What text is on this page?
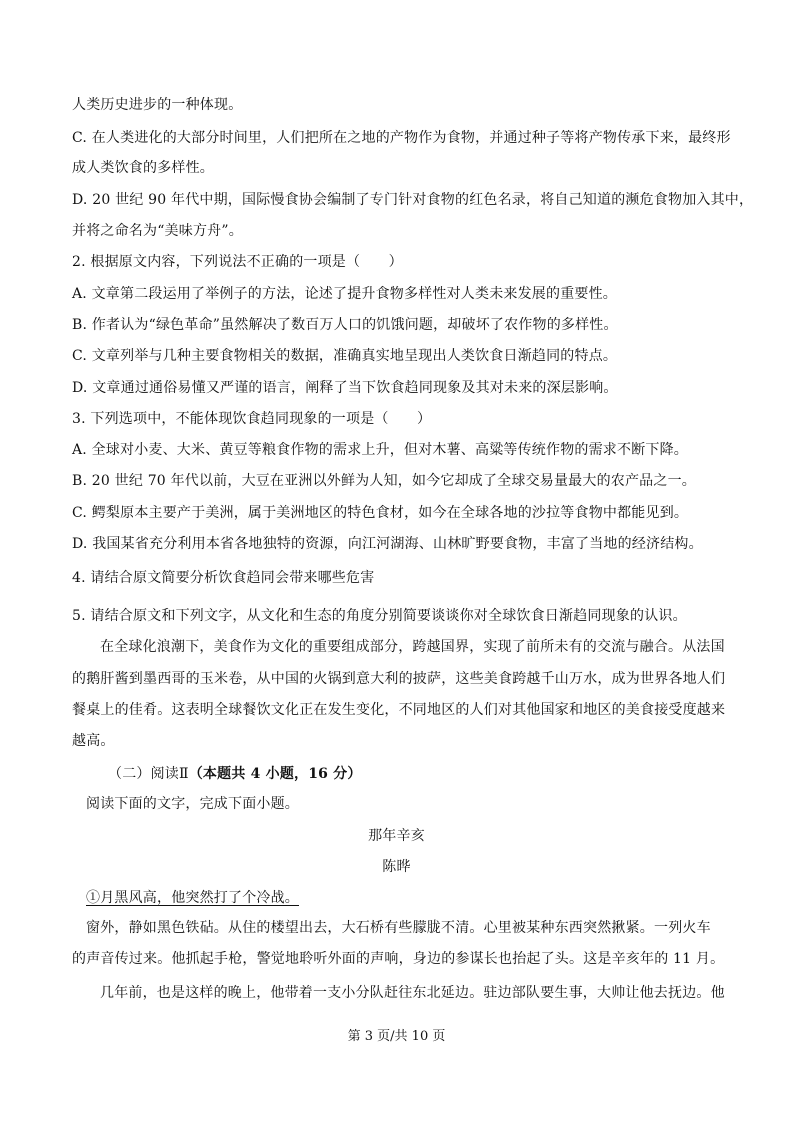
人类历史进步的一种体现。
C. 在人类进化的大部分时间里，人们把所在之地的产物作为食物，并通过种子等将产物传承下来，最终形
成人类饮食的多样性。
D. 20 世纪 90 年代中期，国际慢食协会编制了专门针对食物的红色名录，将自己知道的濒危食物加入其中，
并将之命名为“美味方舟”。
2. 根据原文内容，下列说法不正确的一项是（　　）
A. 文章第二段运用了举例子的方法，论述了提升食物多样性对人类未来发展的重要性。
B. 作者认为“绿色革命”虽然解决了数百万人口的饥饿问题，却破坏了农作物的多样性。
C. 文章列举与几种主要食物相关的数据，准确真实地呈现出人类饮食日渐趋同的特点。
D. 文章通过通俗易懂又严谨的语言，阐释了当下饮食趋同现象及其对未来的深层影响。
3. 下列选项中，不能体现饮食趋同现象的一项是（　　）
A. 全球对小麦、大米、黄豆等粮食作物的需求上升，但对木薯、高粱等传统作物的需求不断下降。
B. 20 世纪 70 年代以前，大豆在亚洲以外鲜为人知，如今它却成了全球交易量最大的农产品之一。
C. 鳄梨原本主要产于美洲，属于美洲地区的特色食材，如今在全球各地的沙拉等食物中都能见到。
D. 我国某省充分利用本省各地独特的资源，向江河湖海、山林旷野要食物，丰富了当地的经济结构。
4. 请结合原文简要分析饮食趋同会带来哪些危害
5. 请结合原文和下列文字，从文化和生态的角度分别简要谈谈你对全球饮食日渐趋同现象的认识。
在全球化浪潮下，美食作为文化的重要组成部分，跨越国界，实现了前所未有的交流与融合。从法国
的鹅肝酱到墨西哥的玉米卷，从中国的火锅到意大利的披萨，这些美食跨越千山万水，成为世界各地人们
餐桌上的佳肴。这表明全球餐饮文化正在发生变化，不同地区的人们对其他国家和地区的美食接受度越来
越高。
（二）阅读Ⅱ（本题共 4 小题，16 分）
阅读下面的文字，完成下面小题。
那年辛亥
陈晔
①月黑风高，他突然打了个冷战。
窗外，静如黑色铁砧。从住的楼望出去，大石桥有些朦胧不清。心里被某种东西突然揪紧。一列火车
的声音传过来。他抓起手枪，警觉地聆听外面的声响，身边的参谋长也抬起了头。这是辛亥年的 11 月。
几年前，也是这样的晚上，他带着一支小分队赶往东北延边。驻边部队要生事，大帅让他去抚边。他
第 3 页/共 10 页
